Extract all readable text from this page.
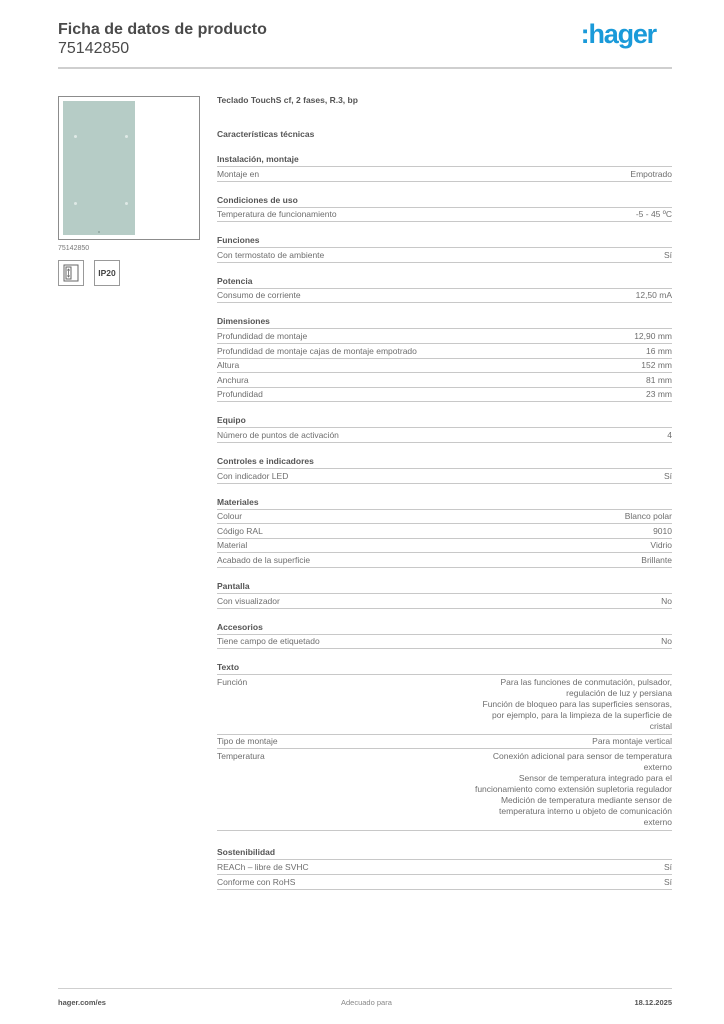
Ficha de datos de producto
75142850	:hager
75142850
IP20
Teclado TouchS cf, 2 fases, R.3, bp
Características técnicas
Instalación, montaje
Montaje en	Empotrado
Condiciones de uso
Temperatura de funcionamiento	-5 - 45 ºC
Funciones
Con termostato de ambiente	Sí
Potencia
Consumo de corriente	12,50 mA
Dimensiones
Profundidad de montaje	12,90 mm
Profundidad de montaje cajas de montaje empotrado	16 mm
Altura	152 mm
Anchura	81 mm
Profundidad	23 mm
Equipo
Número de puntos de activación	4
Controles e indicadores
Con indicador LED	Sí
Materiales
Colour	Blanco polar
Código RAL	9010
Material	Vidrio
Acabado de la superficie	Brillante
Pantalla
Con visualizador	No
Accesorios
Tiene campo de etiquetado	No
Texto
Función	Para las funciones de conmutación, pulsador,
regulación de luz y persiana
Función de bloqueo para las superficies sensoras,
por ejemplo, para la limpieza de la superficie de
cristal
Tipo de montaje	Para montaje vertical
Temperatura	Conexión adicional para sensor de temperatura
externo
Sensor de temperatura integrado para el
funcionamiento como extensión supletoria regulador
Medición de temperatura mediante sensor de
temperatura interno u objeto de comunicación
externo
Sostenibilidad
REACh – libre de SVHC	Sí
Conforme con RoHS	Sí
hager.com/es	Adecuado para	18.12.2025
